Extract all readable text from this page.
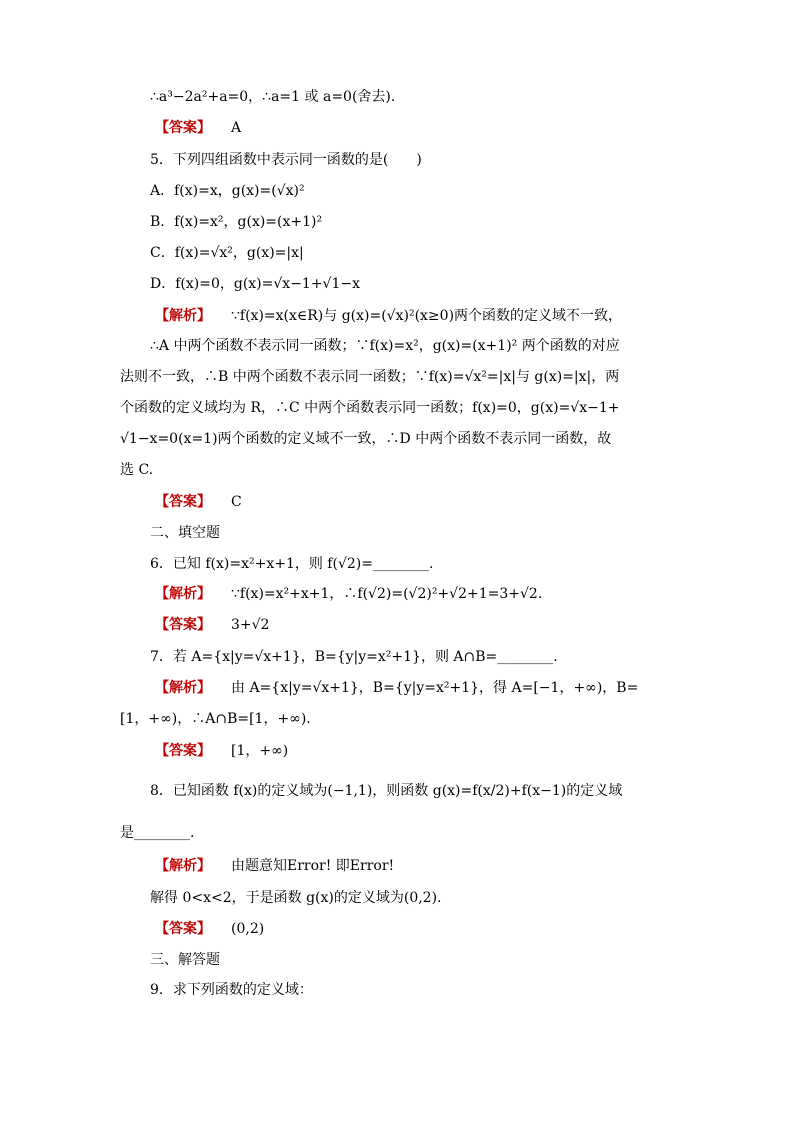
∴a³−2a²+a=0，∴a=1 或 a=0(舍去).
【答案】 A
5．下列四组函数中表示同一函数的是(　　)
A．f(x)=x，g(x)=(√x)²
B．f(x)=x²，g(x)=(x+1)²
C．f(x)=√x²，g(x)=|x|
D．f(x)=0，g(x)=√x−1+√1−x
【解析】 ∵f(x)=x(x∈R)与 g(x)=(√x)²(x≥0)两个函数的定义域不一致，
∴A 中两个函数不表示同一函数；∵f(x)=x²，g(x)=(x+1)² 两个函数的对应
法则不一致，∴B 中两个函数不表示同一函数；∵f(x)=√x²=|x|与 g(x)=|x|，两
个函数的定义域均为 R，∴C 中两个函数表示同一函数；f(x)=0，g(x)=√x−1+
√1−x=0(x=1)两个函数的定义域不一致，∴D 中两个函数不表示同一函数，故
选 C.
【答案】 C
二、填空题
6．已知 f(x)=x²+x+1，则 f(√2)=________.
【解析】 ∵f(x)=x²+x+1，∴f(√2)=(√2)²+√2+1=3+√2.
【答案】 3+√2
7．若 A={x|y=√x+1}，B={y|y=x²+1}，则 A∩B=________.
【解析】 由 A={x|y=√x+1}，B={y|y=x²+1}，得 A=[−1，+∞)，B=
[1，+∞)，∴A∩B=[1，+∞).
【答案】 [1，+∞)
8．已知函数 f(x)的定义域为(−1,1)，则函数 g(x)=f(x/2)+f(x−1)的定义域
是________.
【解析】 由题意知Error! 即Error!
解得 0<x<2，于是函数 g(x)的定义域为(0,2).
【答案】 (0,2)
三、解答题
9．求下列函数的定义域：
